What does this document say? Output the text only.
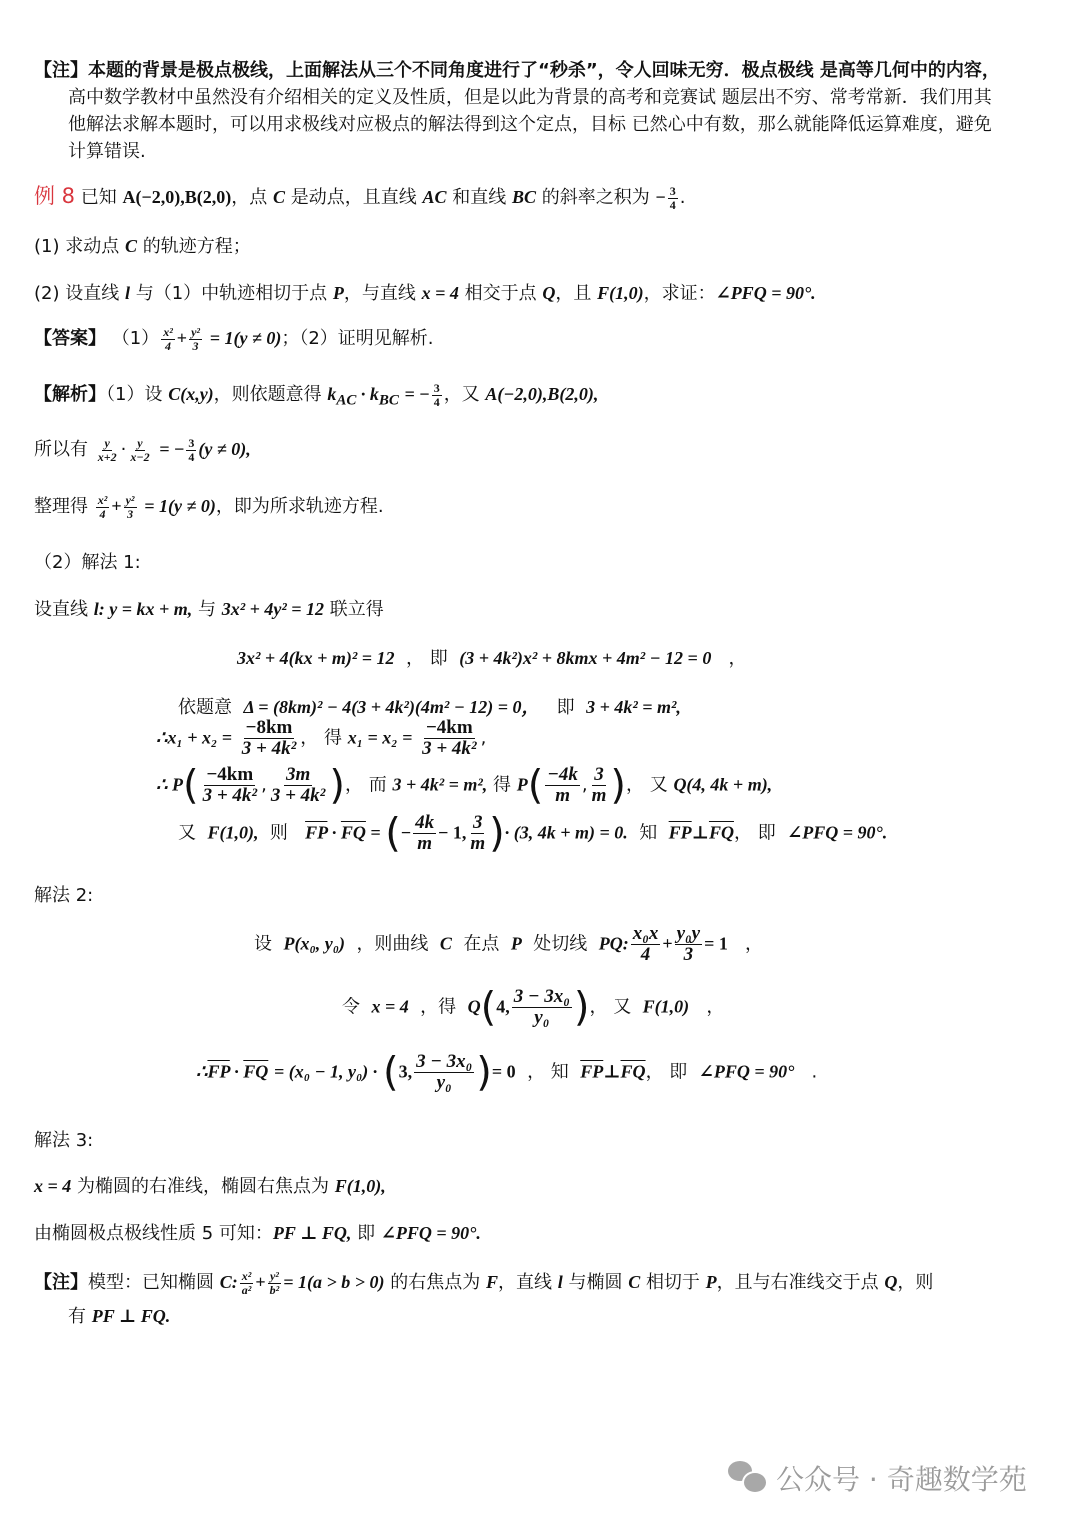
【注】本题的背景是极点极线，上面解法从三个不同角度进行了“秒杀”，令人回味无穷．极点极线 是高等几何中的内容，
高中数学教材中虽然没有介绍相关的定义及性质，但是以此为背景的高考和竞赛试 题层出不穷、常考常新．我们用其
他解法求解本题时，可以用求极线对应极点的解法得到这个定点，目标 已然心中有数，那么就能降低运算难度，避免
计算错误.
例 8 已知 A(−2,0),B(2,0)，点 C 是动点，且直线 AC 和直线 BC 的斜率之积为 − $\frac{3}{4}$ .
(1) 求动点 C 的轨迹方程；
(2) 设直线 l 与（1）中轨迹相切于点 P，与直线 x = 4 相交于点 Q，且 F(1,0)，求证：∠PFQ = 90°.
【答案】 $(1) \frac{\text{x²}}{4} + \frac{\text{y²}}{3} = 1(y \ne 0)$；（2）证明见解析.
【解析】（1）设 C(x,y)，则依题意得 $k_{AC} \cdot k_{BC}$ = − $\frac{3}{4}$ ，又 A(−2,0),B(2,0),
所以有 $\frac{y}{x+2} \cdot \frac{y}{x-2}$ = − $\frac{3}{4} (y \ne 0)$,
整理得 $\frac{\text{x²}}{4} + \frac{\text{y²}}{3} = 1(y \ne 0)$，即为所求轨迹方程.
（2）解法 1:
设直线 l: y = kx + m, 与 3x² + 4y² = 12 联立得
3x² + 4(kx + m)² = 12 ， 即 (3 + 4k²)x² + 8kmx + 4m² − 12 = 0 ，
依题意 Δ = (8km)² − 4(3 + 4k²)(4m² − 12) = 0， 即 3 + 4k² = m²,
∴x₁ + $x_2 = \frac{-8km}{\text{3 + 4k²}}$ ， 得 $x_1 = x_2 = \frac{-4km}{\text{3 + 4k²}}$ ,
∴ $P( \frac{-4km}{\text{3 + 4k²}}$ , $\frac{3m}{\text{3 + 4k²}}$ )， 而 3 + 4k² = m², 得 $P( \frac{-4k}{m}$ , $\frac{3}{m}$ )， 又 Q(4, 4k + m),
又 F(1,0), 则 $\overline{FP} \cdot \overline{FQ}$ = (− $\frac{4k}{m} - 1$, $\frac{3}{m}$ )· (3, 4k + m) = 0. 知 $\overline{FP}\perp\overline{FQ}$， 即 ∠PFQ = 90°.
解法 2:
设 P(x₀, y₀) ，则曲线 C 在点 P 处切线 PQ: $\frac{\text{x₀x}}{4} + \frac{\text{y₀y}}{3} = 1$ ，
令 x = 4 ，得 Q(4, $\frac{\text{3 − 3x₀}}{\text{y₀}}$ )， 又 F(1,0) ，
$\therefore\overline{FP} \cdot \overline{FQ} = (x_0 - 1$, y₀) · (3, $\frac{\text{3 − 3x₀}}{\text{y₀}}$ )= 0 ， 知 $\overline{FP}\perp\overline{FQ}$， 即 ∠PFQ = 90° .
解法 3:
x = 4 为椭圆的右准线，椭圆右焦点为 F(1,0),
由椭圆极点极线性质 5 可知：PF ⊥ FQ, 即 ∠PFQ = 90°.
【注】模型：已知椭圆 C: $\frac{\text{x²}}{\text{a²}} + \frac{\text{y²}}{\text{b²}} = 1(a > b > 0)$ 的右焦点为 F，直线 l 与椭圆 C 相切于 P，且与右准线交于点 Q，则
有 PF ⊥ FQ.
公众号 · 奇趣数学苑
